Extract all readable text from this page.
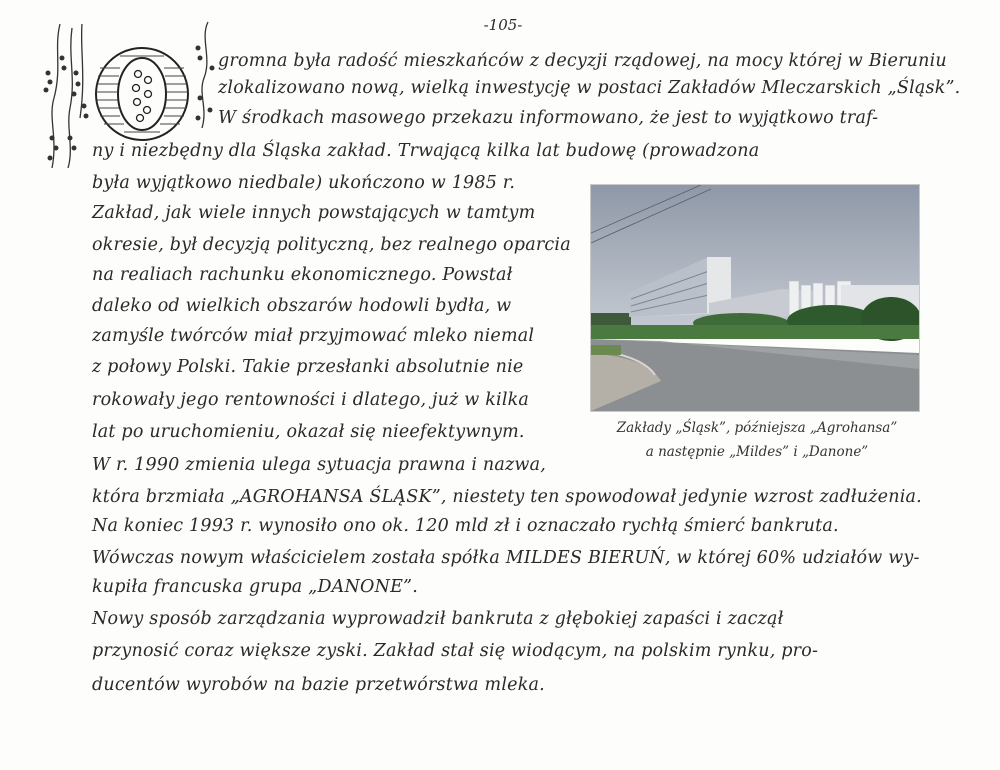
-105-
gromna była radość mieszkańców z decyzji rządowej, na mocy której w Bieruniu
zlokalizowano nową, wielką inwestycję w postaci Zakładów Mleczarskich „Śląsk”.
W środkach masowego przekazu informowano, że jest to wyjątkowo traf-
ny i niezbędny dla Śląska zakład. Trwającą kilka lat budowę (prowadzona
była wyjątkowo niedbale) ukończono w 1985 r.
Zakład, jak wiele innych powstających w tamtym
okresie, był decyzją polityczną, bez realnego oparcia
na realiach rachunku ekonomicznego. Powstał
daleko od wielkich obszarów hodowli bydła, w
zamyśle twórców miał przyjmować mleko niemal
z połowy Polski. Takie przesłanki absolutnie nie
rokowały jego rentowności i dlatego, już w kilka
lat po uruchomieniu, okazał się nieefektywnym.
W r. 1990 zmienia ulega sytuacja prawna i nazwa,
która brzmiała „AGROHANSA ŚLĄSK”, niestety ten spowodował jedynie wzrost zadłużenia.
Na koniec 1993 r. wynosiło ono ok. 120 mld zł i oznaczało rychłą śmierć bankruta.
Wówczas nowym właścicielem została spółka MILDES BIERUŃ, w której 60% udziałów wy-
kupiła francuska grupa „DANONE”.
Nowy sposób zarządzania wyprowadził bankruta z głębokiej zapaści i zaczął
przynosić coraz większe zyski. Zakład stał się wiodącym, na polskim rynku, pro-
ducentów wyrobów na bazie przetwórstwa mleka.
Zakłady „Śląsk”, późniejsza „Agrohansa”
a następnie „Mildes” i „Danone”
